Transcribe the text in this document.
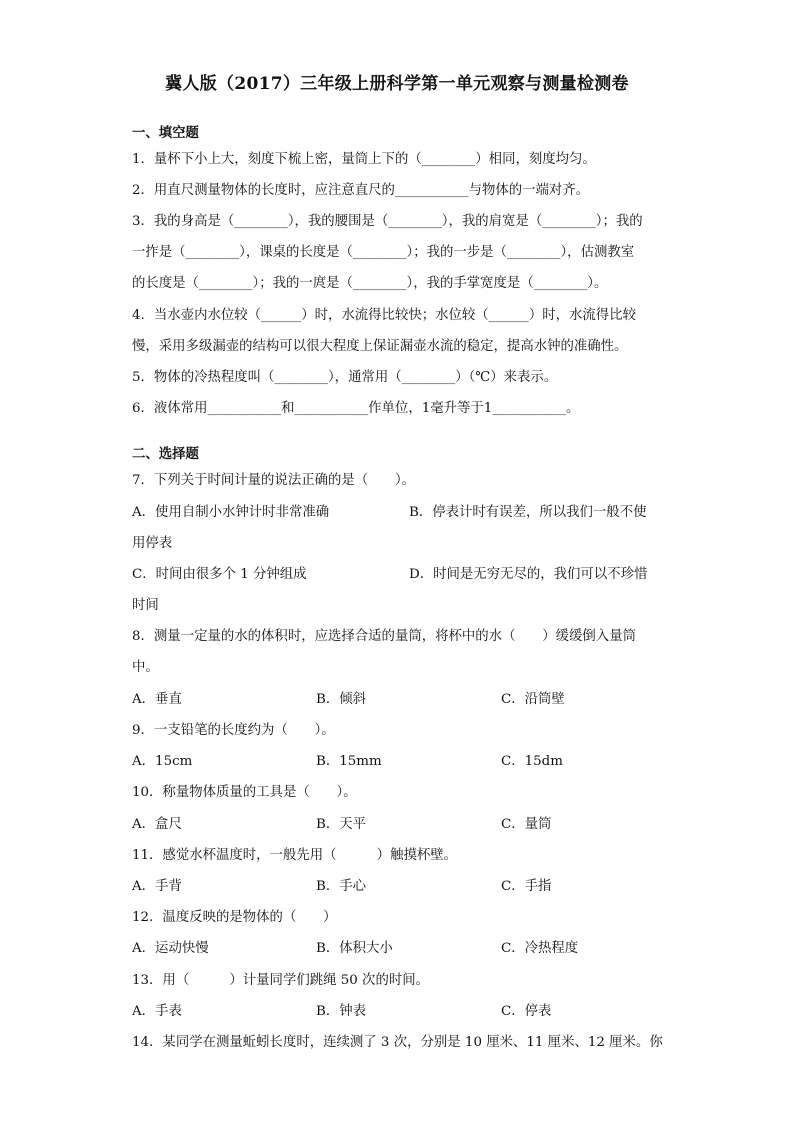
冀人版（2017）三年级上册科学第一单元观察与测量检测卷
一、填空题
1．量杯下小上大，刻度下梳上密，量筒上下的（________）相同，刻度均匀。
2．用直尺测量物体的长度时，应注意直尺的___________与物体的一端对齐。
3．我的身高是（________），我的腰围是（________），我的肩宽是（________）；我的
一拃是（________），课桌的长度是（________）；我的一步是（________），估测教室
的长度是（________）；我的一庹是（________），我的手掌宽度是（________）。
4．当水壶内水位较（______）时，水流得比较快；水位较（______）时，水流得比较
慢，采用多级漏壶的结构可以很大程度上保证漏壶水流的稳定，提高水钟的准确性。
5．物体的冷热程度叫（________），通常用（________）（℃）来表示。
6．液体常用___________和___________作单位，1毫升等于1___________。
二、选择题
7．下列关于时间计量的说法正确的是（　　）。
A．使用自制小水钟计时非常准确	B．停表计时有误差，所以我们一般不使
用停表
C．时间由很多个 1 分钟组成	D．时间是无穷无尽的，我们可以不珍惜
时间
8．测量一定量的水的体积时，应选择合适的量筒，将杯中的水（　　）缓缓倒入量筒
中。
A．垂直	B．倾斜	C．沿筒壁
9．一支铅笔的长度约为（　　）。
A．15cm	B．15mm	C．15dm
10．称量物体质量的工具是（　　）。
A．盒尺	B．天平	C．量筒
11．感觉水杯温度时，一般先用（　　　）触摸杯壁。
A．手背	B．手心	C．手指
12．温度反映的是物体的（　　）
A．运动快慢	B．体积大小	C．冷热程度
13．用（　　　）计量同学们跳绳 50 次的时间。
A．手表	B．钟表	C．停表
14．某同学在测量蚯蚓长度时，连续测了 3 次，分别是 10 厘米、11 厘米、12 厘米。你
